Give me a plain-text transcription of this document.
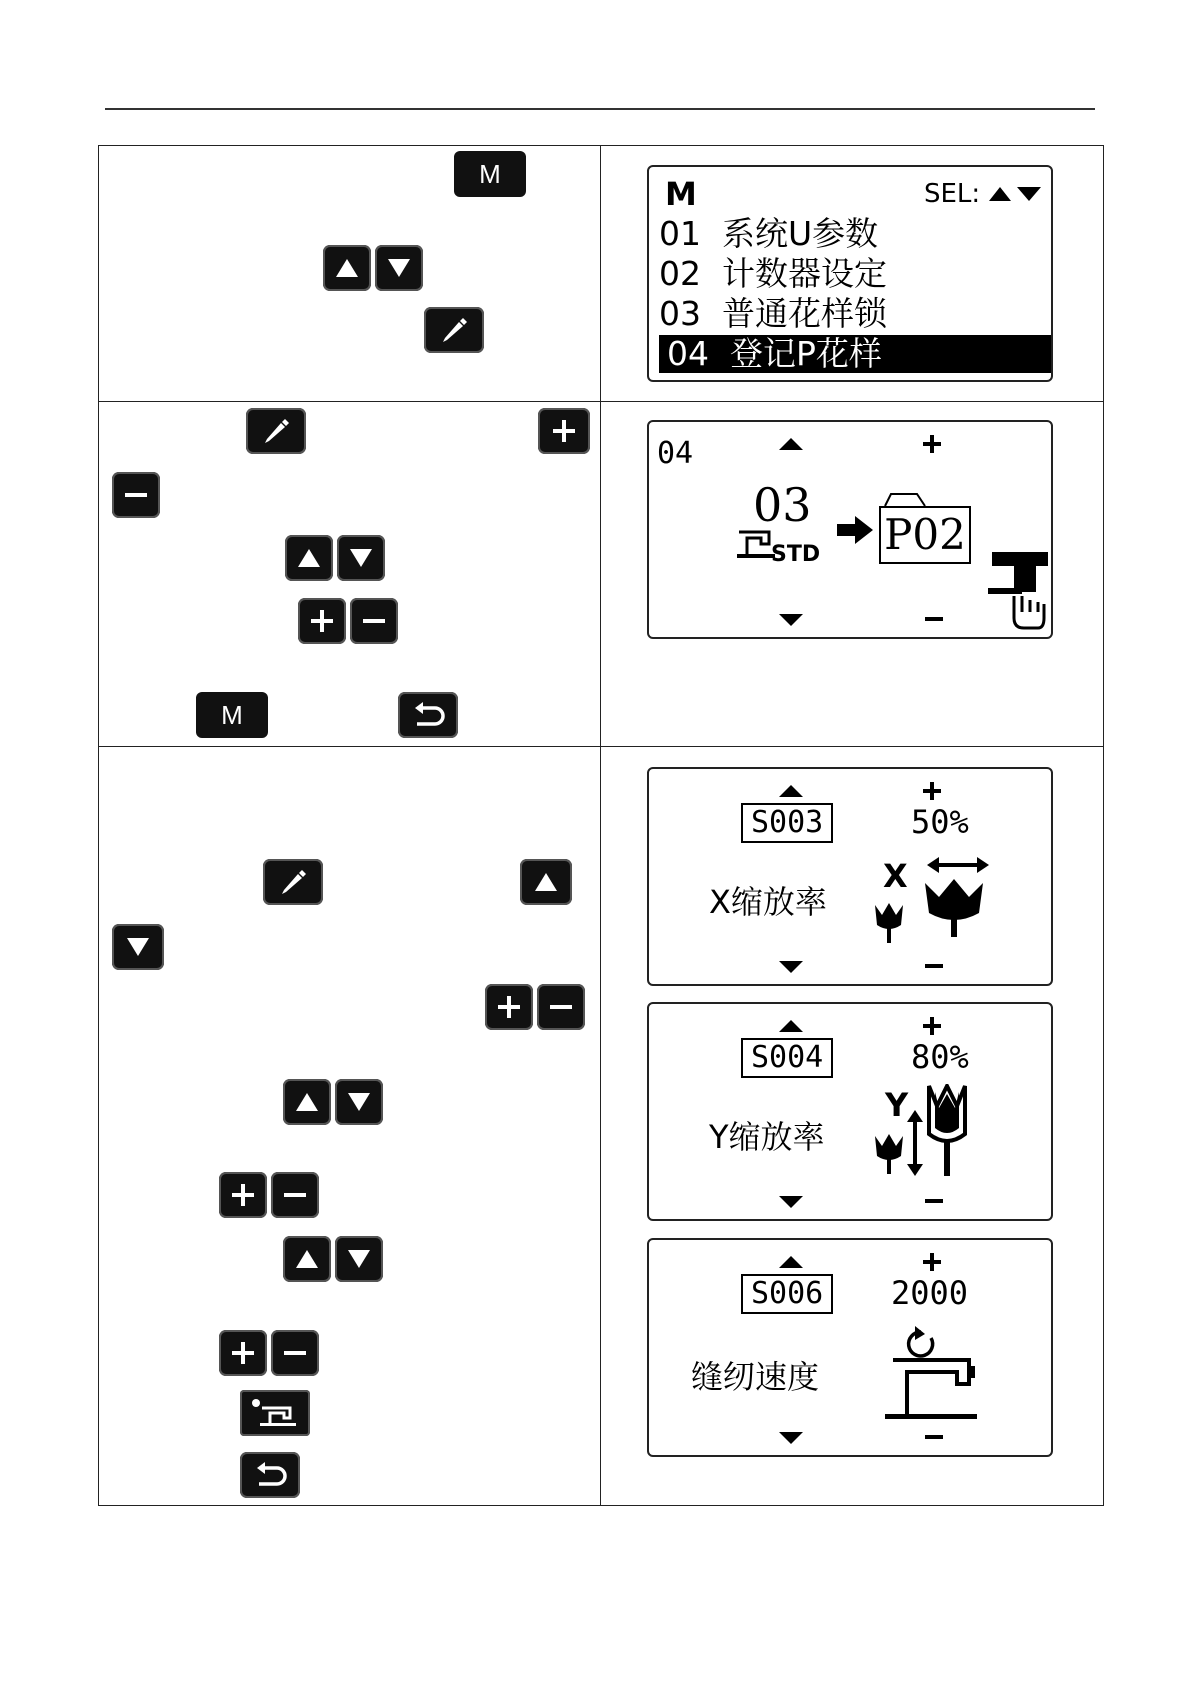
M
M	SEL:
01 系统U参数
02 计数器设定
03 普通花样锁
04 登记P花样
M
04
03
STD P02
S003	50%
X缩放率
X
S004	80%
Y缩放率
Y
S006	2000
缝纫速度
